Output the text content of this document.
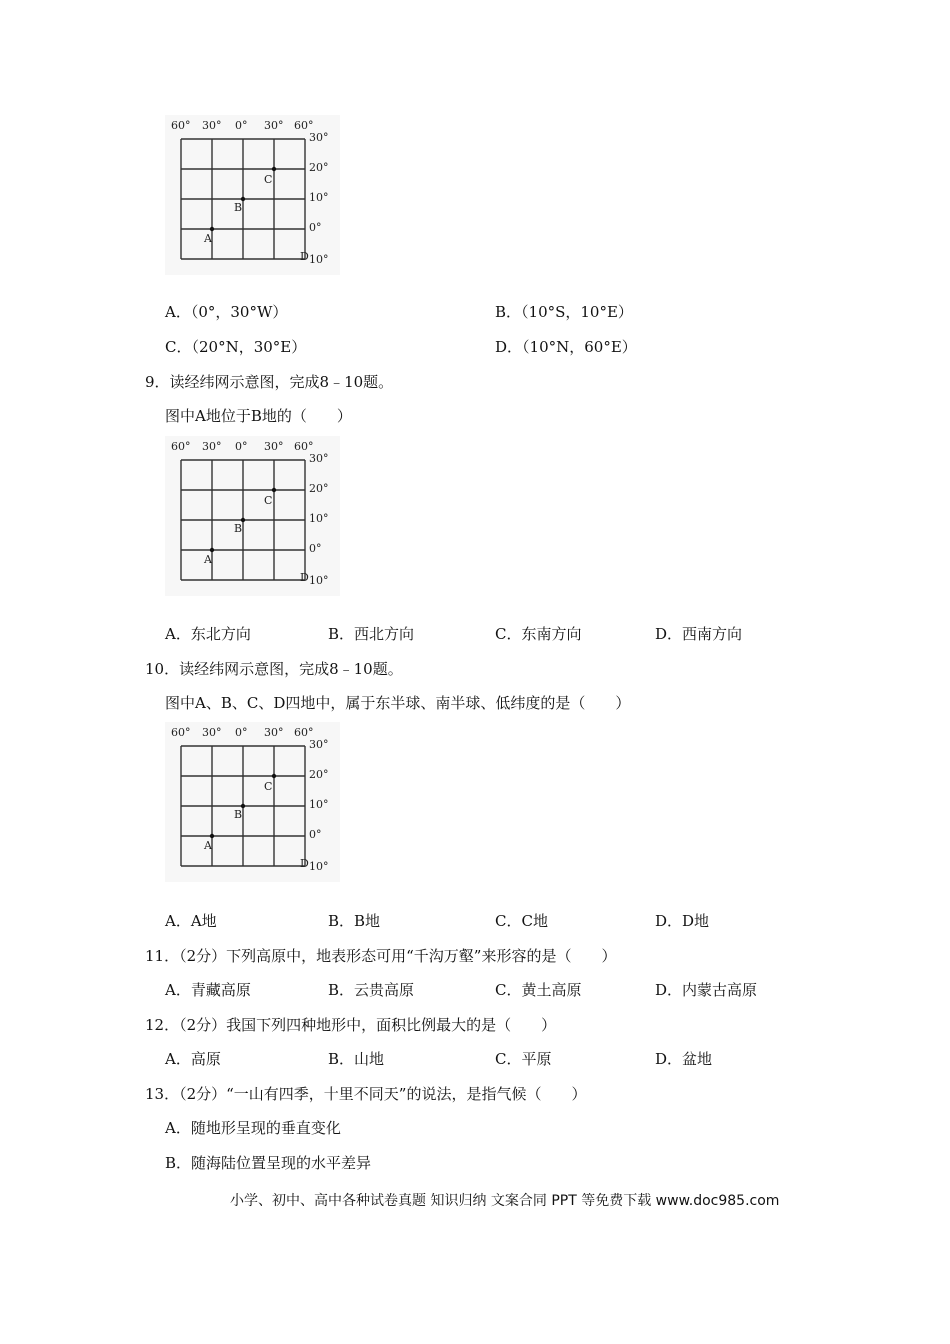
60° 30° 0° 30° 60°
30°
20°
10°
0°
10°
A
B
C
D
A．（0°，30°W）	B．（10°S，10°E）
C．（20°N，30°E）	D．（10°N，60°E）
9．读经纬网示意图，完成8﹣10题。
图中A地位于B地的（　　）
60° 30° 0° 30° 60°
30°
20°
10°
0°
10°
A
B
C
D
A．东北方向	B．西北方向	C．东南方向	D．西南方向
10．读经纬网示意图，完成8﹣10题。
图中A、B、C、D四地中，属于东半球、南半球、低纬度的是（　　）
60° 30° 0° 30° 60°
30°
20°
10°
0°
10°
A
B
C
D
A．A地	B．B地	C．C地	D．D地
11．（2分）下列高原中，地表形态可用“千沟万壑”来形容的是（　　）
A．青藏高原	B．云贵高原	C．黄土高原	D．内蒙古高原
12．（2分）我国下列四种地形中，面积比例最大的是（　　）
A．高原	B．山地	C．平原	D．盆地
13．（2分）“一山有四季，十里不同天”的说法，是指气候（　　）
A．随地形呈现的垂直变化
B．随海陆位置呈现的水平差异
小学、初中、高中各种试卷真题 知识归纳 文案合同 PPT 等免费下载 www.doc985.com
